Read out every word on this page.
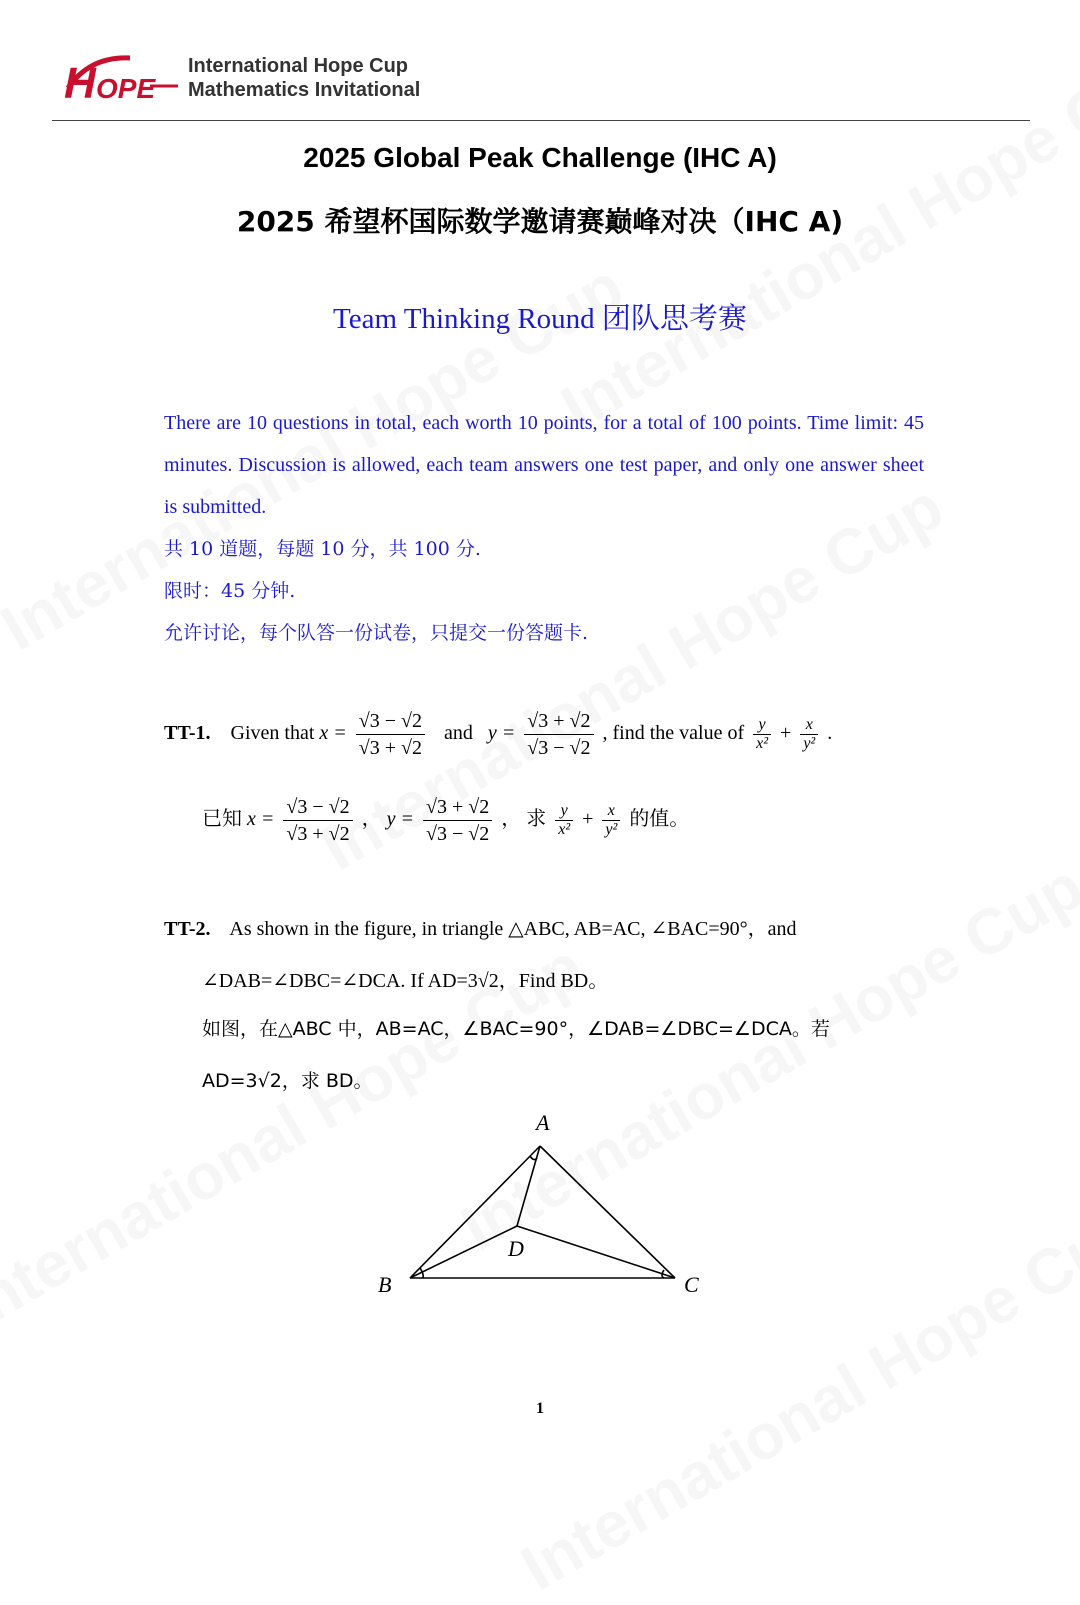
H OPE
International Hope Cup
Mathematics Invitational
2025 Global Peak Challenge (IHC A)
2025 希望杯国际数学邀请赛巅峰对决（IHC A)
Team Thinking Round 团队思考赛
There are 10 questions in total, each worth 10 points, for a total of 100 points. Time limit: 45 minutes. Discussion is allowed, each team answers one test paper, and only one answer sheet is submitted.
共 10 道题，每题 10 分，共 100 分.
限时：45 分钟.
允许讨论，每个队答一份试卷，只提交一份答题卡.
TT-1. Given that $x = \frac{√3 - √2}{√3 + √2}$ and $y = \frac{√3 + √2}{√3 - √2}$ , find the value of $\frac{y}{\text{x²}} + \frac{x}{\text{y²}}$ .
已知 $x = \frac{√3 - √2}{√3 + √2}$ ， $y = \frac{√3 + √2}{√3 - √2}$ ， 求 $\frac{y}{\text{x²}} + \frac{x}{\text{y²}}$ 的值。
TT-2. As shown in the figure, in triangle △ABC, AB=AC, ∠BAC=90°，and
∠DAB=∠DBC=∠DCA. If AD=3√2，Find BD。
如图，在△ABC 中，AB=AC，∠BAC=90°，∠DAB=∠DBC=∠DCA。若
AD=3√2，求 BD。
A
B	C
D
1
